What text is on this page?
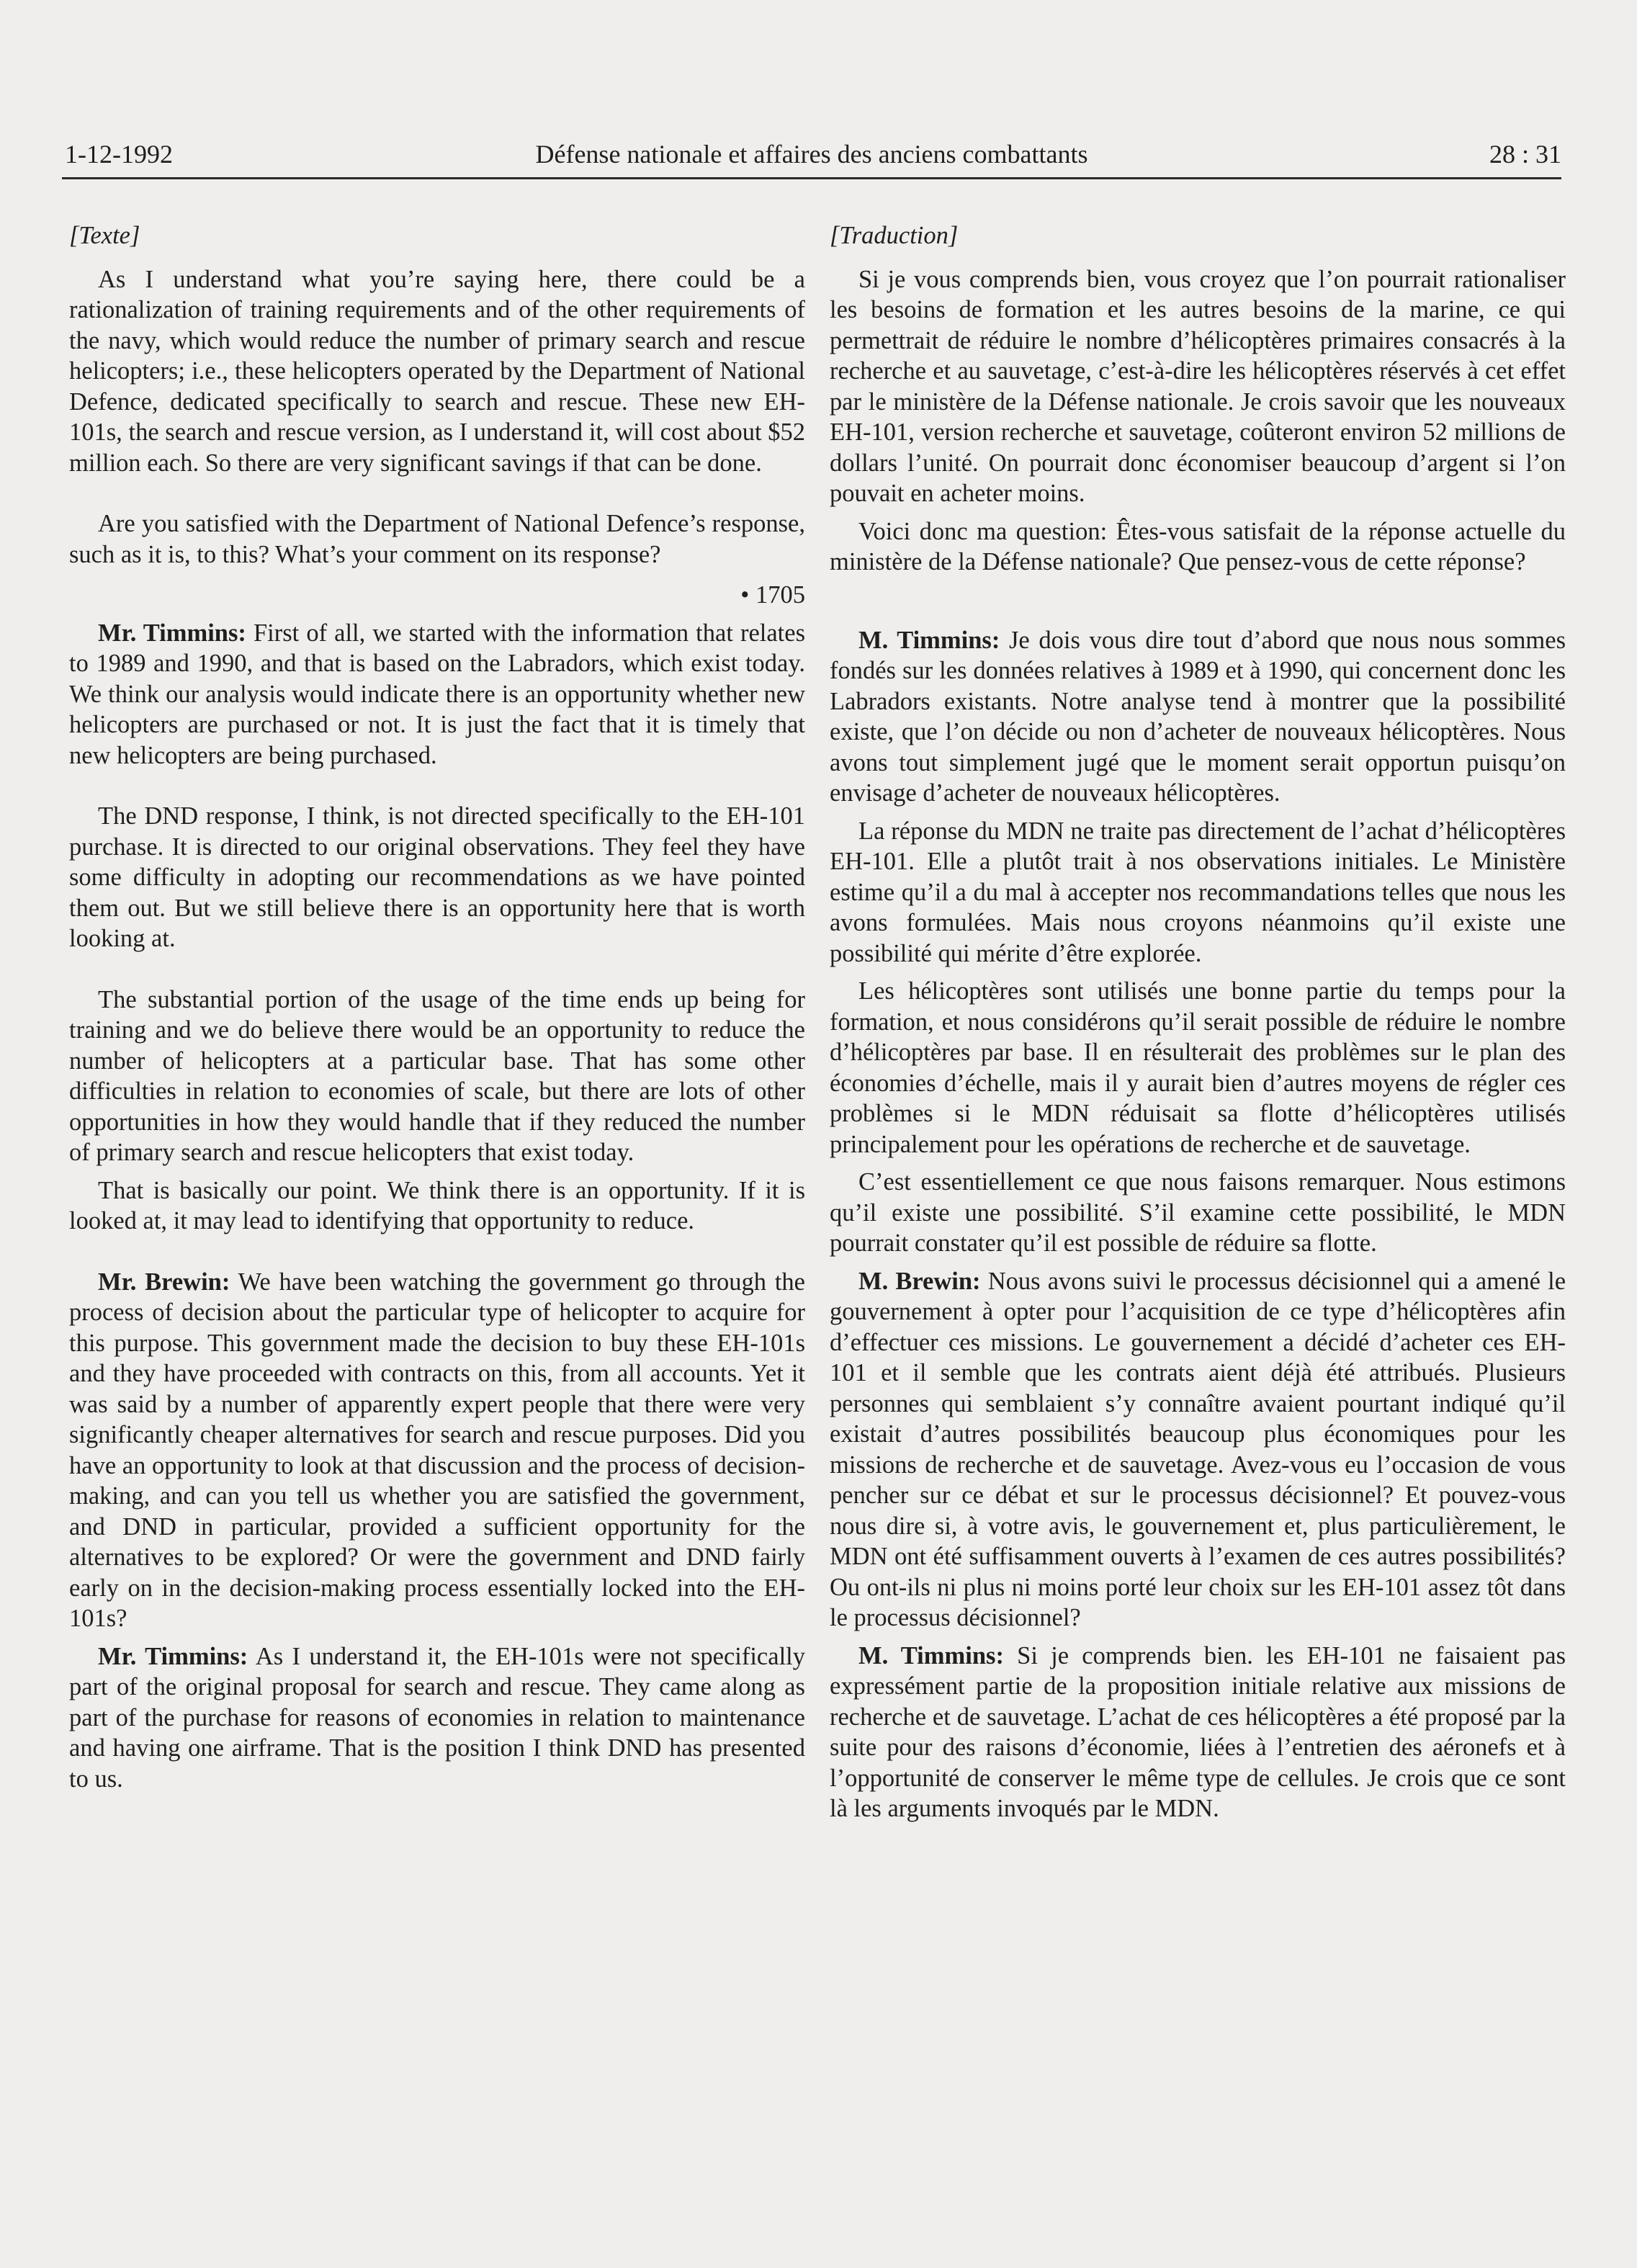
1-12-1992	Défense nationale et affaires des anciens combattants	28 : 31

[Texte]

As I understand what you’re saying here, there could be a rationalization of training requirements and of the other requirements of the navy, which would reduce the number of primary search and rescue helicopters; i.e., these helicopters operated by the Department of National Defence, dedicated specifically to search and rescue. These new EH-101s, the search and rescue version, as I understand it, will cost about $52 million each. So there are very significant savings if that can be done.

Are you satisfied with the Department of National Defence’s response, such as it is, to this? What’s your comment on its response?

• 1705

Mr. Timmins: First of all, we started with the information that relates to 1989 and 1990, and that is based on the Labradors, which exist today. We think our analysis would indicate there is an opportunity whether new helicopters are purchased or not. It is just the fact that it is timely that new helicopters are being purchased.

The DND response, I think, is not directed specifically to the EH-101 purchase. It is directed to our original observations. They feel they have some difficulty in adopting our recommendations as we have pointed them out. But we still believe there is an opportunity here that is worth looking at.

The substantial portion of the usage of the time ends up being for training and we do believe there would be an opportunity to reduce the number of helicopters at a particular base. That has some other difficulties in relation to economies of scale, but there are lots of other opportunities in how they would handle that if they reduced the number of primary search and rescue helicopters that exist today.

That is basically our point. We think there is an opportunity. If it is looked at, it may lead to identifying that opportunity to reduce.

Mr. Brewin: We have been watching the government go through the process of decision about the particular type of helicopter to acquire for this purpose. This government made the decision to buy these EH-101s and they have proceeded with contracts on this, from all accounts. Yet it was said by a number of apparently expert people that there were very significantly cheaper alternatives for search and rescue purposes. Did you have an opportunity to look at that discussion and the process of decision-making, and can you tell us whether you are satisfied the government, and DND in particular, provided a sufficient opportunity for the alternatives to be explored? Or were the government and DND fairly early on in the decision-making process essentially locked into the EH-101s?

Mr. Timmins: As I understand it, the EH-101s were not specifically part of the original proposal for search and rescue. They came along as part of the purchase for reasons of economies in relation to maintenance and having one airframe. That is the position I think DND has presented to us.

[Traduction]

Si je vous comprends bien, vous croyez que l’on pourrait rationaliser les besoins de formation et les autres besoins de la marine, ce qui permettrait de réduire le nombre d’hélicoptères primaires consacrés à la recherche et au sauvetage, c’est-à-dire les hélicoptères réservés à cet effet par le ministère de la Défense nationale. Je crois savoir que les nouveaux EH-101, version recherche et sauvetage, coûteront environ 52 millions de dollars l’unité. On pourrait donc économiser beaucoup d’argent si l’on pouvait en acheter moins.

Voici donc ma question: Êtes-vous satisfait de la réponse actuelle du ministère de la Défense nationale? Que pensez-vous de cette réponse?

M. Timmins: Je dois vous dire tout d’abord que nous nous sommes fondés sur les données relatives à 1989 et à 1990, qui concernent donc les Labradors existants. Notre analyse tend à montrer que la possibilité existe, que l’on décide ou non d’acheter de nouveaux hélicoptères. Nous avons tout simplement jugé que le moment serait opportun puisqu’on envisage d’acheter de nouveaux hélicoptères.

La réponse du MDN ne traite pas directement de l’achat d’hélicoptères EH-101. Elle a plutôt trait à nos observations initiales. Le Ministère estime qu’il a du mal à accepter nos recommandations telles que nous les avons formulées. Mais nous croyons néanmoins qu’il existe une possibilité qui mérite d’être explorée.

Les hélicoptères sont utilisés une bonne partie du temps pour la formation, et nous considérons qu’il serait possible de réduire le nombre d’hélicoptères par base. Il en résulterait des problèmes sur le plan des économies d’échelle, mais il y aurait bien d’autres moyens de régler ces problèmes si le MDN réduisait sa flotte d’hélicoptères utilisés principalement pour les opérations de recherche et de sauvetage.

C’est essentiellement ce que nous faisons remarquer. Nous estimons qu’il existe une possibilité. S’il examine cette possibilité, le MDN pourrait constater qu’il est possible de réduire sa flotte.

M. Brewin: Nous avons suivi le processus décisionnel qui a amené le gouvernement à opter pour l’acquisition de ce type d’hélicoptères afin d’effectuer ces missions. Le gouvernement a décidé d’acheter ces EH-101 et il semble que les contrats aient déjà été attribués. Plusieurs personnes qui semblaient s’y connaître avaient pourtant indiqué qu’il existait d’autres possibilités beaucoup plus économiques pour les missions de recherche et de sauvetage. Avez-vous eu l’occasion de vous pencher sur ce débat et sur le processus décisionnel? Et pouvez-vous nous dire si, à votre avis, le gouvernement et, plus particulièrement, le MDN ont été suffisamment ouverts à l’examen de ces autres possibilités? Ou ont-ils ni plus ni moins porté leur choix sur les EH-101 assez tôt dans le processus décisionnel?

M. Timmins: Si je comprends bien. les EH-101 ne faisaient pas expressément partie de la proposition initiale relative aux missions de recherche et de sauvetage. L’achat de ces hélicoptères a été proposé par la suite pour des raisons d’économie, liées à l’entretien des aéronefs et à l’opportunité de conserver le même type de cellules. Je crois que ce sont là les arguments invoqués par le MDN.
